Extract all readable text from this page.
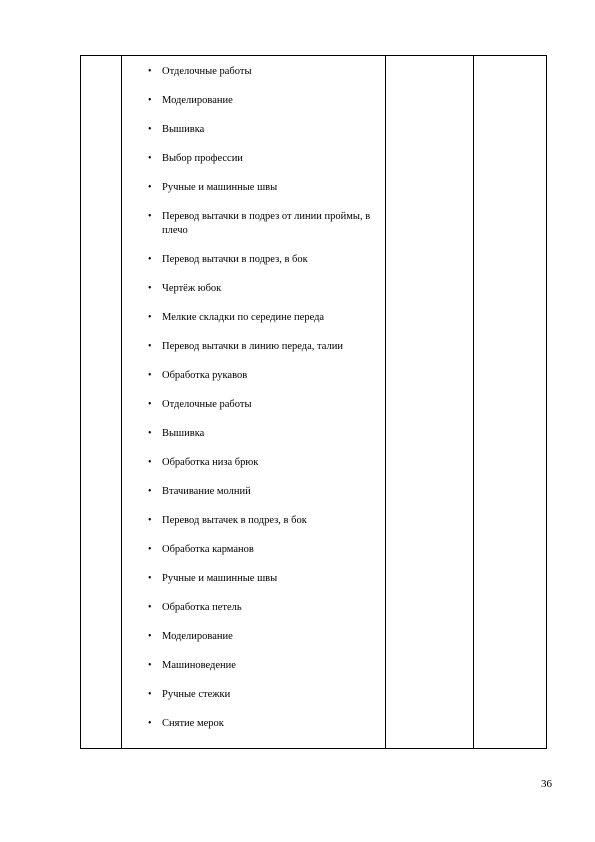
• Отделочные работы
• Моделирование
• Вышивка
• Выбор профессии
• Ручные и машинные швы
• Перевод вытачки в подрез от линии проймы, в плечо
• Перевод вытачки в подрез, в бок
• Чертёж юбок
• Мелкие складки по середине переда
• Перевод вытачки в линию переда, талии
• Обработка рукавов
• Отделочные работы
• Вышивка
• Обработка низа брюк
• Втачивание молний
• Перевод вытачек в подрез, в бок
• Обработка карманов
• Ручные и машинные швы
• Обработка петель
• Моделирование
• Машиноведение
• Ручные стежки
• Снятие мерок
36
